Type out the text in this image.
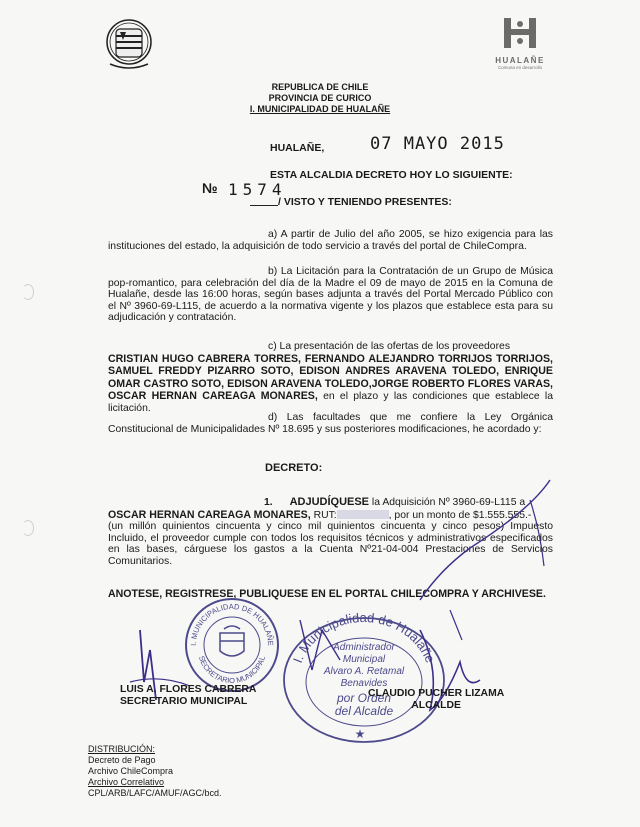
HUALAÑE
Comuna en desarrollo
REPUBLICA DE CHILE
PROVINCIA DE CURICO
I. MUNICIPALIDAD DE HUALAÑE
HUALAÑE,	07 MAYO 2015
ESTA ALCALDIA DECRETO HOY LO SIGUIENTE:
№ 1574
/ VISTO Y TENIENDO PRESENTES:
a) A partir de Julio del año 2005, se hizo exigencia para las instituciones del estado, la adquisición de todo servicio a través del portal de ChileCompra.
b) La Licitación para la Contratación de un Grupo de Música pop-romantico, para celebración del día de la Madre el 09 de mayo de 2015 en la Comuna de Hualañe, desde las 16:00 horas, según bases adjunta a través del Portal Mercado Público con el Nº 3960-69-L115, de acuerdo a la normativa vigente y los plazos que establece esta para su adjudicación y contratación.
c) La presentación de las ofertas de los proveedores
CRISTIAN HUGO CABRERA TORRES, FERNANDO ALEJANDRO TORRIJOS TORRIJOS, SAMUEL FREDDY PIZARRO SOTO, EDISON ANDRES ARAVENA TOLEDO, ENRIQUE OMAR CASTRO SOTO, EDISON ARAVENA TOLEDO,JORGE ROBERTO FLORES VARAS, OSCAR HERNAN CAREAGA MONARES, en el plazo y las condiciones que establece la licitación.
d) Las facultades que me confiere la Ley Orgánica Constitucional de Municipalidades Nº 18.695 y sus posteriores modificaciones, he acordado y:
DECRETO:
1. ADJUDÍQUESE la Adquisición Nº 3960-69-L115 a
OSCAR HERNAN CAREAGA MONARES, RUT:	, por un monto de $1.555.555.-
(un millón quinientos cincuenta y cinco mil quinientos cincuenta y cinco pesos) Impuesto Incluido, el proveedor cumple con todos los requisitos técnicos y administrativos especificados en las bases, cárguese los gastos a la Cuenta Nº21-04-004 Prestaciones de Servicios Comunitarios.
ANOTESE, REGISTRESE, PUBLIQUESE EN EL PORTAL CHILECOMPRA Y ARCHIVESE.
I. MUNICIPALIDAD DE HUALAÑE
SECRETARIO MUNICIPAL I. Municipalidad de Hualañe
Administrador
Municipal
Alvaro A. Retamal
Benavides
por Orden
del Alcalde
★
LUIS A. FLORES CABRERA
SECRETARIO MUNICIPAL
CLAUDIO PUCHER LIZAMA
ALCALDE
DISTRIBUCIÓN:
Decreto de Pago
Archivo ChileCompra
Archivo Correlativo
CPL/ARB/LAFC/AMUF/AGC/bcd.
